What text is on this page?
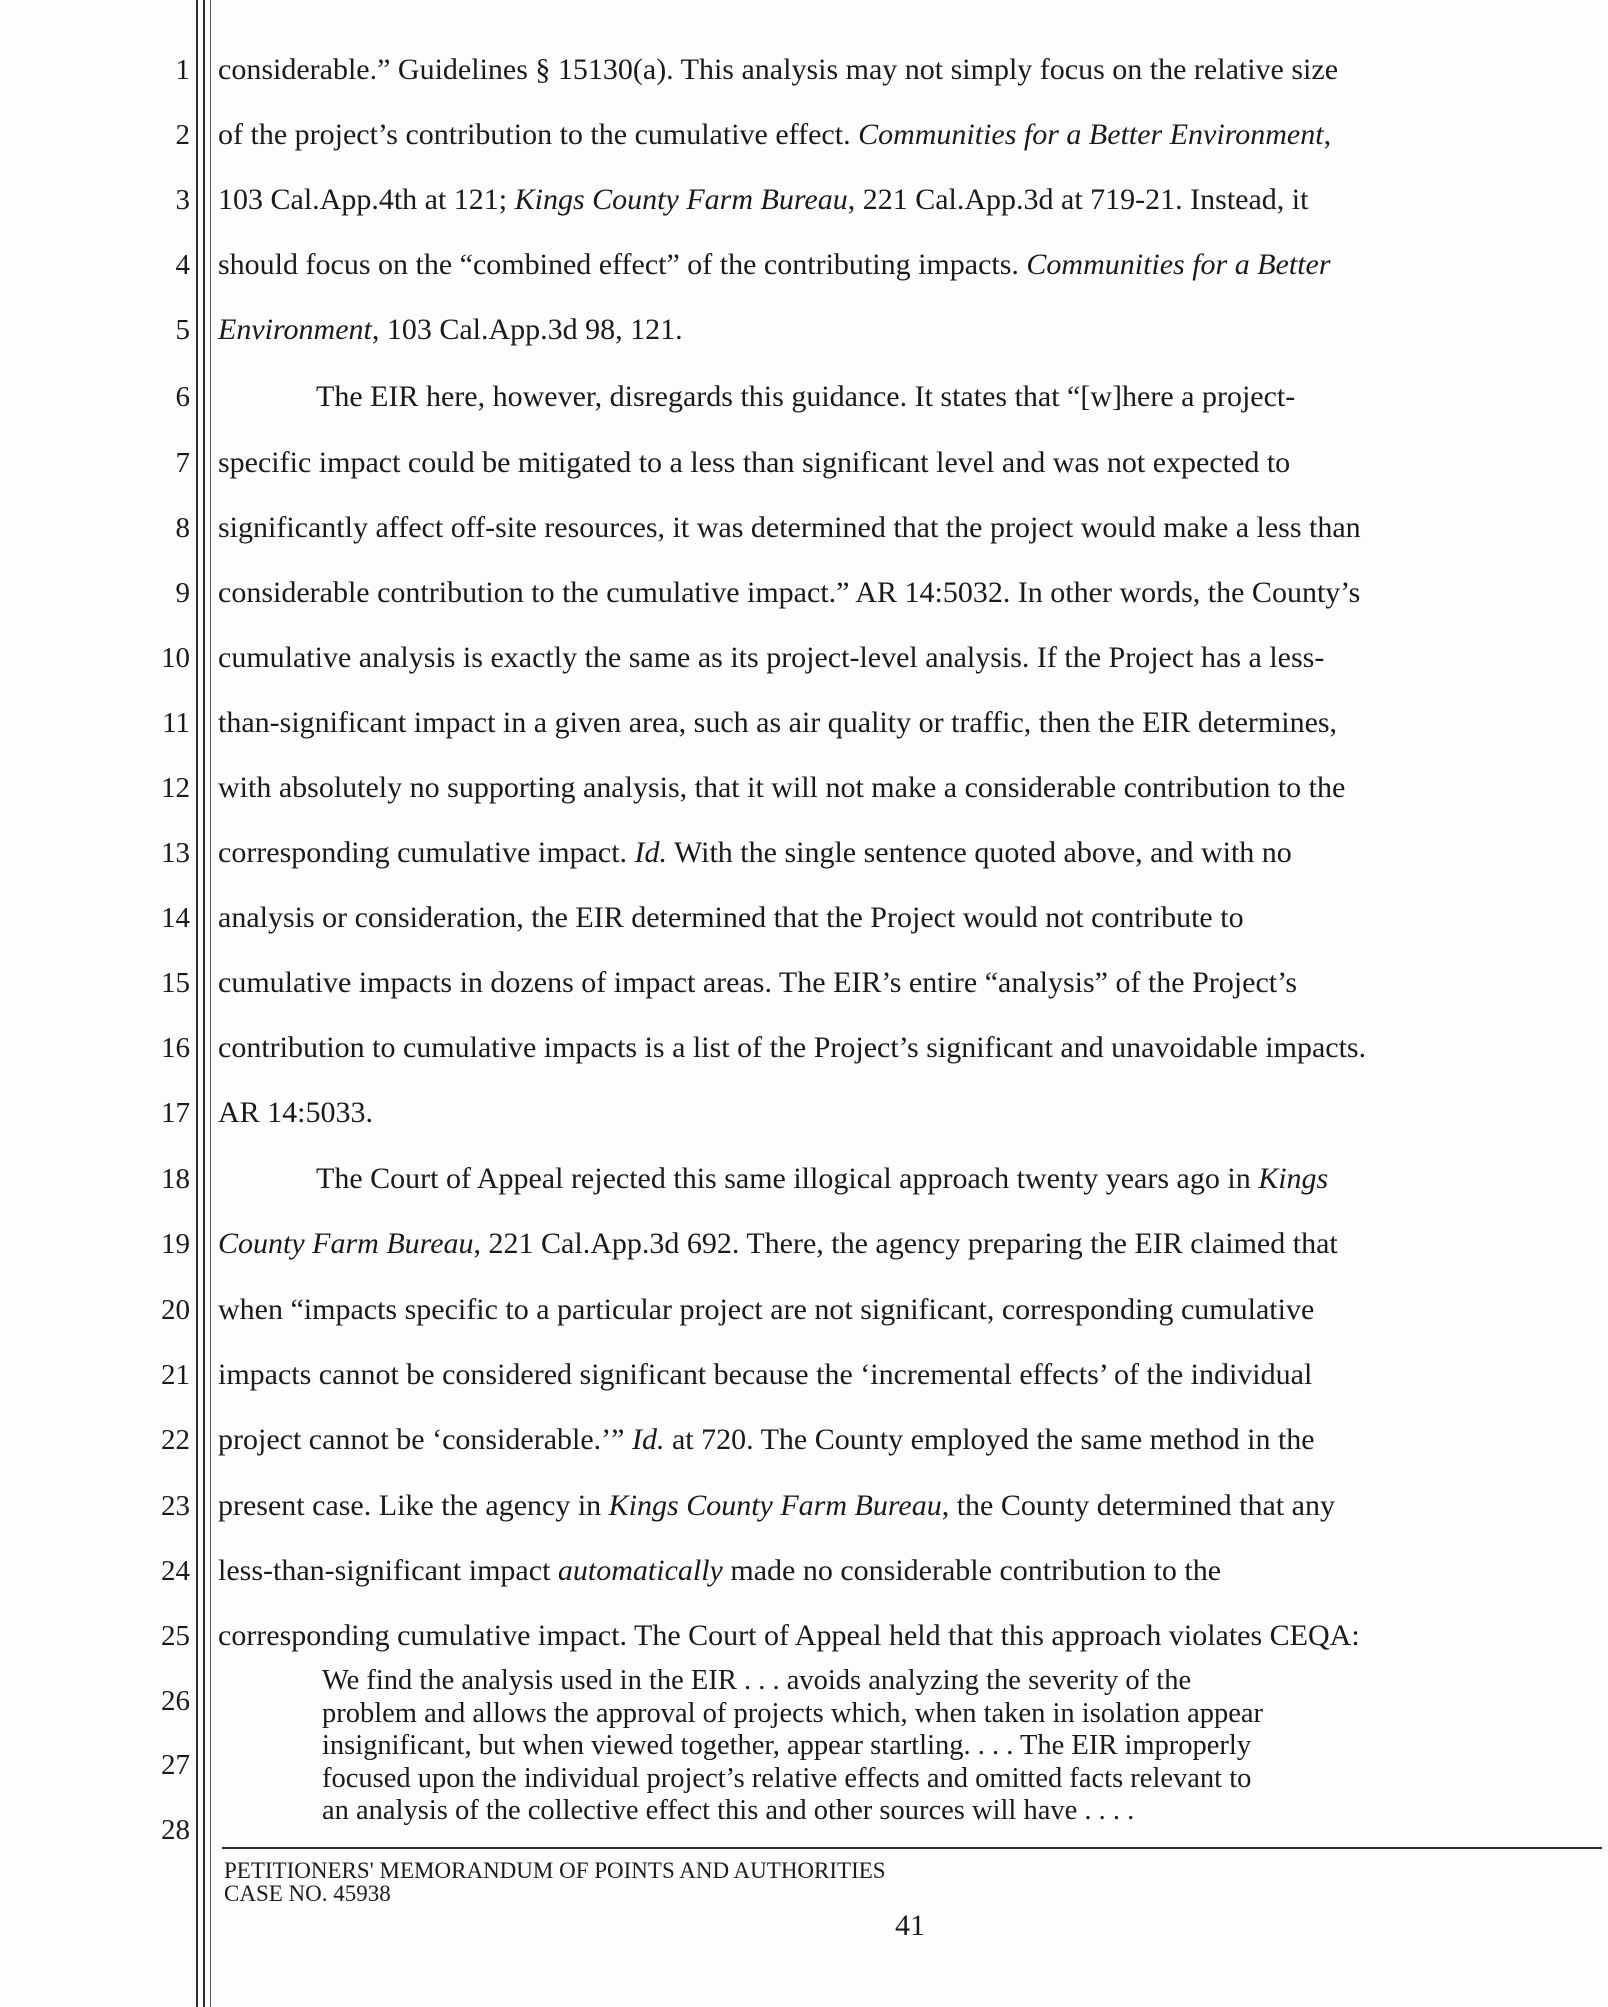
1
2
3
4
5
6
7
8
9
10
11
12
13
14
15
16
17
18
19
20
21
22
23
24
25
26
27
28
considerable.” Guidelines § 15130(a). This analysis may not simply focus on the relative size
of the project’s contribution to the cumulative effect. Communities for a Better Environment,
103 Cal.App.4th at 121; Kings County Farm Bureau, 221 Cal.App.3d at 719-21. Instead, it
should focus on the “combined effect” of the contributing impacts. Communities for a Better
Environment, 103 Cal.App.3d 98, 121.
The EIR here, however, disregards this guidance. It states that “[w]here a project-
specific impact could be mitigated to a less than significant level and was not expected to
significantly affect off-site resources, it was determined that the project would make a less than
considerable contribution to the cumulative impact.” AR 14:5032. In other words, the County’s
cumulative analysis is exactly the same as its project-level analysis. If the Project has a less-
than-significant impact in a given area, such as air quality or traffic, then the EIR determines,
with absolutely no supporting analysis, that it will not make a considerable contribution to the
corresponding cumulative impact. Id. With the single sentence quoted above, and with no
analysis or consideration, the EIR determined that the Project would not contribute to
cumulative impacts in dozens of impact areas. The EIR’s entire “analysis” of the Project’s
contribution to cumulative impacts is a list of the Project’s significant and unavoidable impacts.
AR 14:5033.
The Court of Appeal rejected this same illogical approach twenty years ago in Kings
County Farm Bureau, 221 Cal.App.3d 692. There, the agency preparing the EIR claimed that
when “impacts specific to a particular project are not significant, corresponding cumulative
impacts cannot be considered significant because the ‘incremental effects’ of the individual
project cannot be ‘considerable.’” Id. at 720. The County employed the same method in the
present case. Like the agency in Kings County Farm Bureau, the County determined that any
less-than-significant impact automatically made no considerable contribution to the
corresponding cumulative impact. The Court of Appeal held that this approach violates CEQA:
We find the analysis used in the EIR . . . avoids analyzing the severity of the
problem and allows the approval of projects which, when taken in isolation appear
insignificant, but when viewed together, appear startling. . . . The EIR improperly
focused upon the individual project’s relative effects and omitted facts relevant to
an analysis of the collective effect this and other sources will have . . . .
PETITIONERS' MEMORANDUM OF POINTS AND AUTHORITIES
CASE NO. 45938
41
